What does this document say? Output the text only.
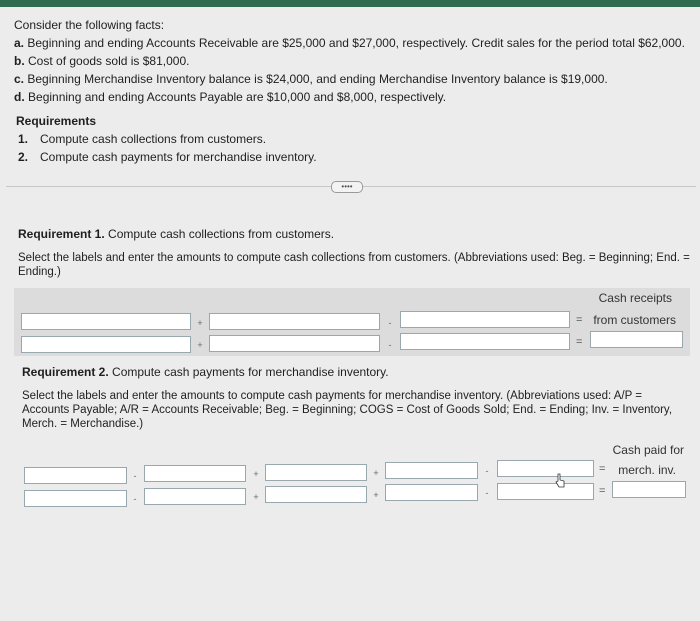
Consider the following facts:
a. Beginning and ending Accounts Receivable are $25,000 and $27,000, respectively. Credit sales for the period total $62,000.
b. Cost of goods sold is $81,000.
c. Beginning Merchandise Inventory balance is $24,000, and ending Merchandise Inventory balance is $19,000.
d. Beginning and ending Accounts Payable are $10,000 and $8,000, respectively.
Requirements
1. Compute cash collections from customers.
2. Compute cash payments for merchandise inventory.
••••
Requirement 1. Compute cash collections from customers.
Select the labels and enter the amounts to compute cash collections from customers. (Abbreviations used: Beg. = Beginning; End. = Ending.)
Cash receipts
from customers
+	-	=
+	-	=
Requirement 2. Compute cash payments for merchandise inventory.
Select the labels and enter the amounts to compute cash payments for merchandise inventory. (Abbreviations used: A/P = Accounts Payable; A/R = Accounts Receivable; Beg. = Beginning; COGS = Cost of Goods Sold; End. = Ending; Inv. = Inventory, Merch. = Merchandise.)
Cash paid for
merch. inv.
-	+	+	-	=
-	+	+	-	=
